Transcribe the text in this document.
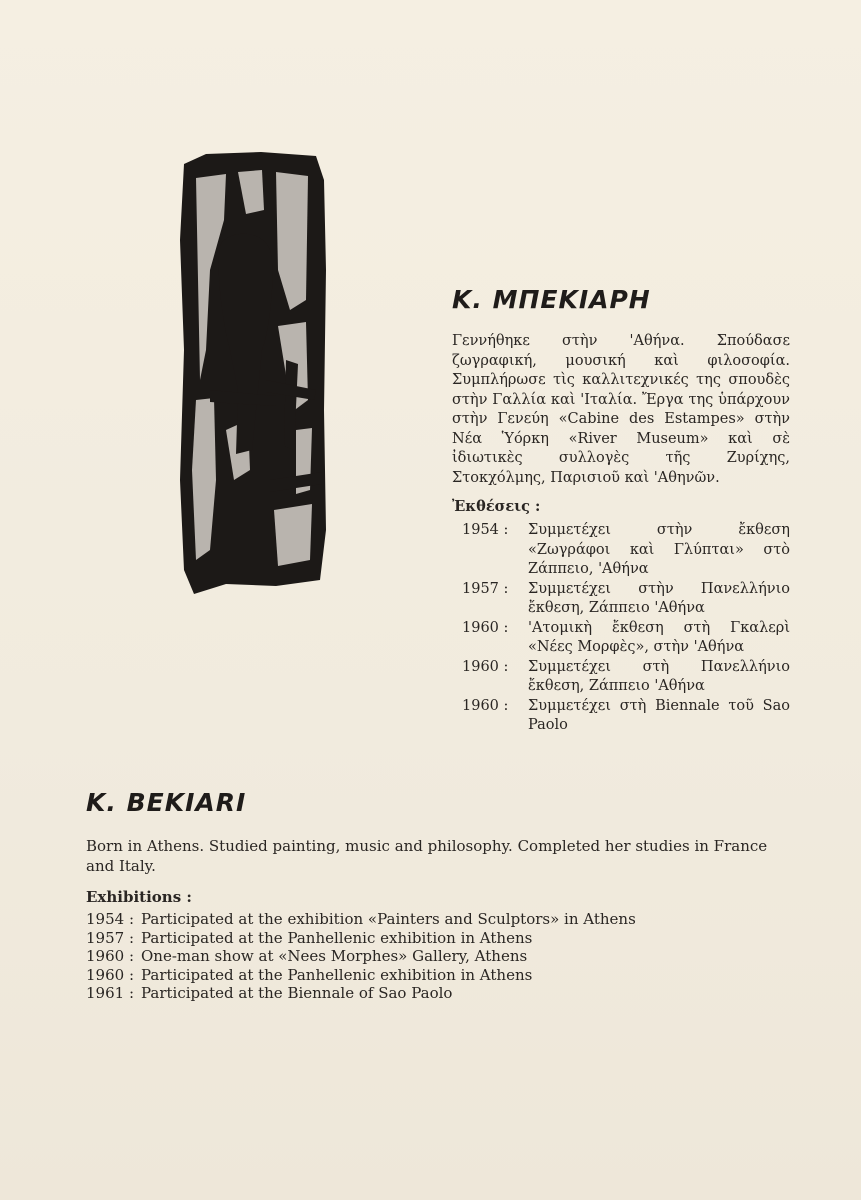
Κ. ΜΠΕΚΙΑΡΗ

Γεννήθηκε στὴν 'Αθήνα. Σπούδασε ζωγραφική, μουσική καὶ φιλοσοφία. Συμπλήρωσε τὶς καλλιτεχνικές της σπουδὲς στὴν Γαλλία καὶ 'Ιταλία. Ἔργα της ὑπάρχουν στὴν Γενεύη «Cabine des Estampes» στὴν Νέα Ὑόρκη «River Museum» καὶ σὲ ἰδιωτικὲς συλλογὲς τῆς Ζυρίχης, Στοκχόλμης, Παρισιοῦ καὶ 'Αθηνῶν.

Ἐκθέσεις :
1954 :	Συμμετέχει στὴν ἔκθεση «Ζωγράφοι καὶ Γλύπται» στὸ Ζάππειο, 'Αθήνα
1957 :	Συμμετέχει στὴν Πανελλήνιο ἔκθεση, Ζάππειο 'Αθήνα
1960 :	'Ατομικὴ ἔκθεση στὴ Γκαλερὶ «Νέες Μορφὲς», στὴν 'Αθήνα
1960 :	Συμμετέχει στὴ Πανελλήνιο ἔκθεση, Ζάππειο 'Αθήνα
1960 :	Συμμετέχει στὴ Biennale τοῦ Sao Paolo
K. BEKIARI

Born in Athens. Studied painting, music and philosophy. Completed her studies in France and Italy.

Exhibitions :
1954 : Participated at the exhibition «Painters and Sculptors» in Athens
1957 : Participated at the Panhellenic exhibition in Athens
1960 : One-man show at «Nees Morphes» Gallery, Athens
1960 : Participated at the Panhellenic exhibition in Athens
1961 : Participated at the Biennale of Sao Paolo
